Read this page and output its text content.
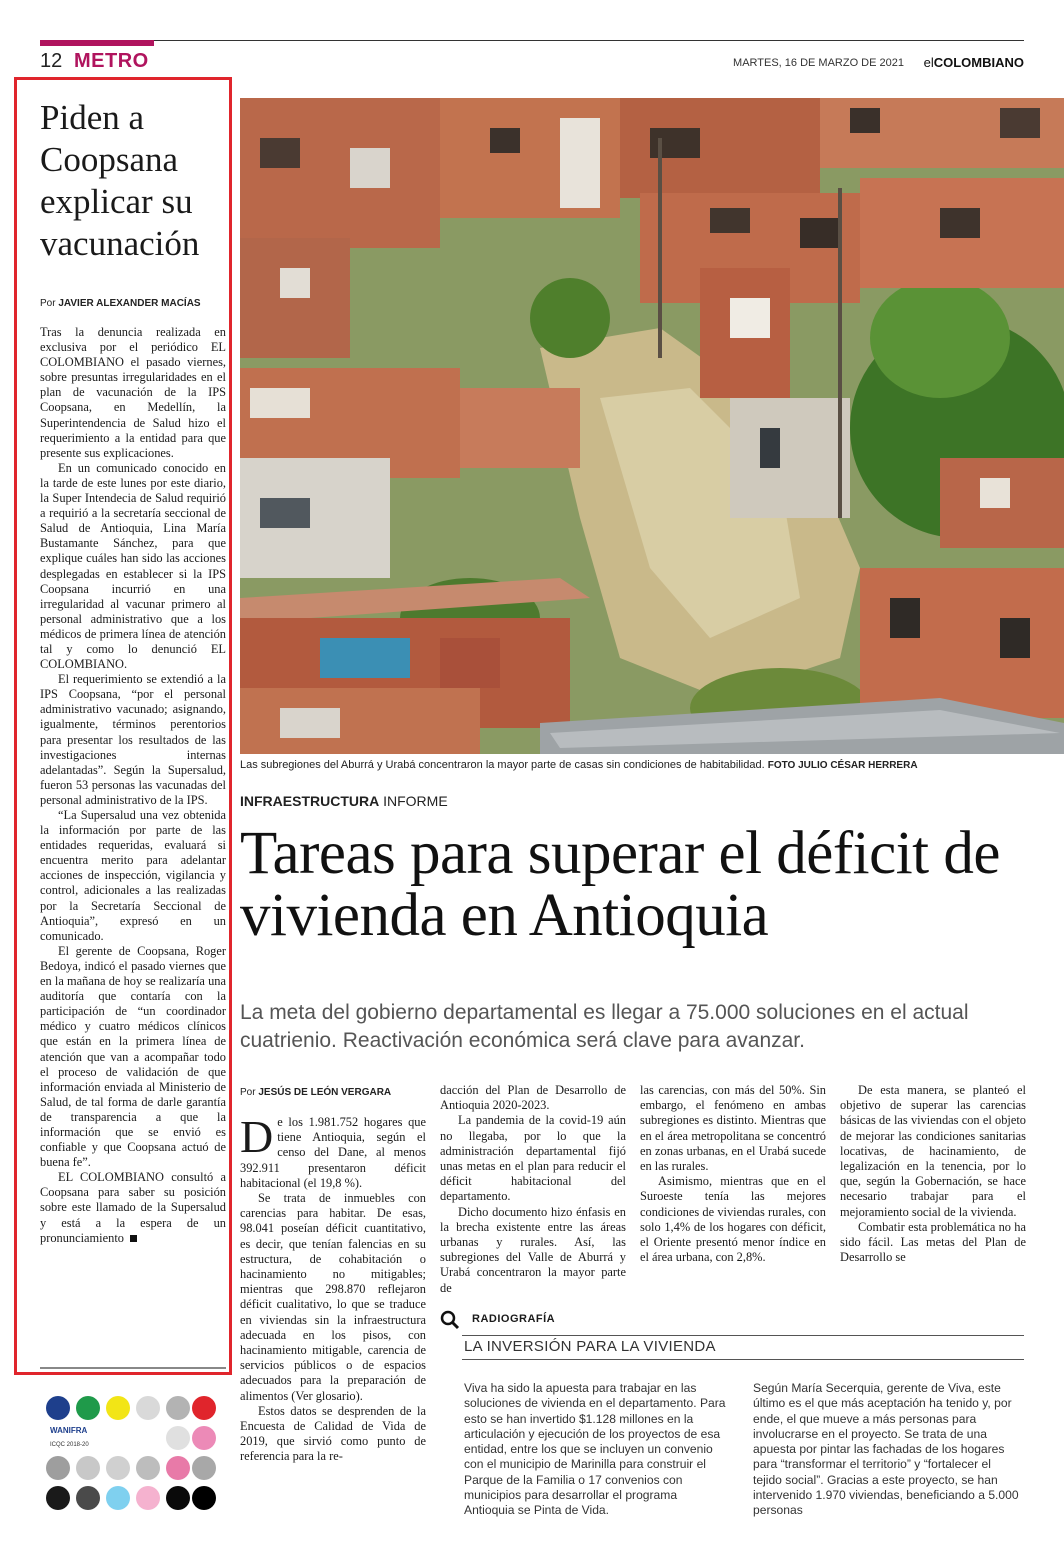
12 METRO	MARTES, 16 DE MARZO DE 2021 elCOLOMBIANO
Piden a Coopsana explicar su vacunación
Por JAVIER ALEXANDER MACÍAS

Tras la denuncia realizada en exclusiva por el periódico EL COLOMBIANO el pasado viernes, sobre presuntas irregularidades en el plan de vacunación de la IPS Coopsana, en Medellín, la Superintendencia de Salud hizo el requerimiento a la entidad para que presente sus explicaciones.

En un comunicado conocido en la tarde de este lunes por este diario, la Super Intendecia de Salud requirió a requirió a la secretaría seccional de Salud de Antioquia, Lina María Bustamante Sánchez, para que explique cuáles han sido las acciones desplegadas en establecer si la IPS Coopsana incurrió en una irregularidad al vacunar primero al personal administrativo que a los médicos de primera línea de atención tal y como lo denunció EL COLOMBIANO.

El requerimiento se extendió a la IPS Coopsana, “por el personal administrativo vacunado; asignando, igualmente, términos perentorios para presentar los resultados de las investigaciones internas adelantadas”. Según la Supersalud, fueron 53 personas las vacunadas del personal administrativo de la IPS.

“La Supersalud una vez obtenida la información por parte de las entidades requeridas, evaluará si encuentra merito para adelantar acciones de inspección, vigilancia y control, adicionales a las realizadas por la Secretaría Seccional de Antioquia”, expresó en un comunicado.

El gerente de Coopsana, Roger Bedoya, indicó el pasado viernes que en la mañana de hoy se realizaría una auditoría que contaría con la participación de “un coordinador médico y cuatro médicos clínicos que están en la primera línea de atención que van a acompañar todo el proceso de validación de que información enviada al Ministerio de Salud, de tal forma de darle garantía de transparencia a que la información que se envió es confiable y que Coopsana actuó de buena fe”.

EL COLOMBIANO consultó a Coopsana para saber su posición sobre este llamado de la Supersalud y está a la espera de un pronunciamiento

WANIFRA
ICQC 2018-20
Las subregiones del Aburrá y Urabá concentraron la mayor parte de casas sin condiciones de habitabilidad. FOTO JULIO CÉSAR HERRERA
INFRAESTRUCTURA INFORME
Tareas para superar el déficit de vivienda en Antioquia
La meta del gobierno departamental es llegar a 75.000 soluciones en el actual cuatrienio. Reactivación económica será clave para avanzar.
Por JESÚS DE LEÓN VERGARA

De los 1.981.752 hogares que tiene Antioquia, según el censo del Dane, al menos 392.911 presentaron déficit habitacional (el 19,8 %).

Se trata de inmuebles con carencias para habitar. De esas, 98.041 poseían déficit cuantitativo, es decir, que tenían falencias en su estructura, de cohabitación o hacinamiento no mitigables; mientras que 298.870 reflejaron déficit cualitativo, lo que se traduce en viviendas sin la infraestructura adecuada en los pisos, con hacinamiento mitigable, carencia de servicios públicos o de espacios adecuados para la preparación de alimentos (Ver glosario).

Estos datos se desprenden de la Encuesta de Calidad de Vida de 2019, que sirvió como punto de referencia para la re-

dacción del Plan de Desarrollo de Antioquia 2020-2023.

La pandemia de la covid-19 aún no llegaba, por lo que la administración departamental fijó unas metas en el plan para reducir el déficit habitacional del departamento.

Dicho documento hizo énfasis en la brecha existente entre las áreas urbanas y rurales. Así, las subregiones del Valle de Aburrá y Urabá concentraron la mayor parte de

las carencias, con más del 50%. Sin embargo, el fenómeno en ambas subregiones es distinto. Mientras que en el área metropolitana se concentró en zonas urbanas, en el Urabá sucede en las rurales.

Asimismo, mientras que en el Suroeste tenía las mejores condiciones de viviendas rurales, con solo 1,4% de los hogares con déficit, el Oriente presentó menor índice en el área urbana, con 2,8%.

De esta manera, se planteó el objetivo de superar las carencias básicas de las viviendas con el objeto de mejorar las condiciones sanitarias locativas, de hacinamiento, de legalización en la tenencia, por lo que, según la Gobernación, se hace necesario trabajar para el mejoramiento social de la vivienda.

Combatir esta problemática no ha sido fácil. Las metas del Plan de Desarrollo se

RADIOGRAFÍA
LA INVERSIÓN PARA LA VIVIENDA
Viva ha sido la apuesta para trabajar en las soluciones de vivienda en el departamento. Para esto se han invertido $1.128 millones en la articulación y ejecución de los proyectos de esa entidad, entre los que se incluyen un convenio con el municipio de Marinilla para construir el Parque de la Familia o 17 convenios con municipios para desarrollar el programa Antioquia se Pinta de Vida.
Según María Secerquia, gerente de Viva, este último es el que más aceptación ha tenido y, por ende, el que mueve a más personas para involucrarse en el proyecto. Se trata de una apuesta por pintar las fachadas de los hogares para “transformar el territorio” y “fortalecer el tejido social”. Gracias a este proyecto, se han intervenido 1.970 viviendas, beneficiando a 5.000 personas
